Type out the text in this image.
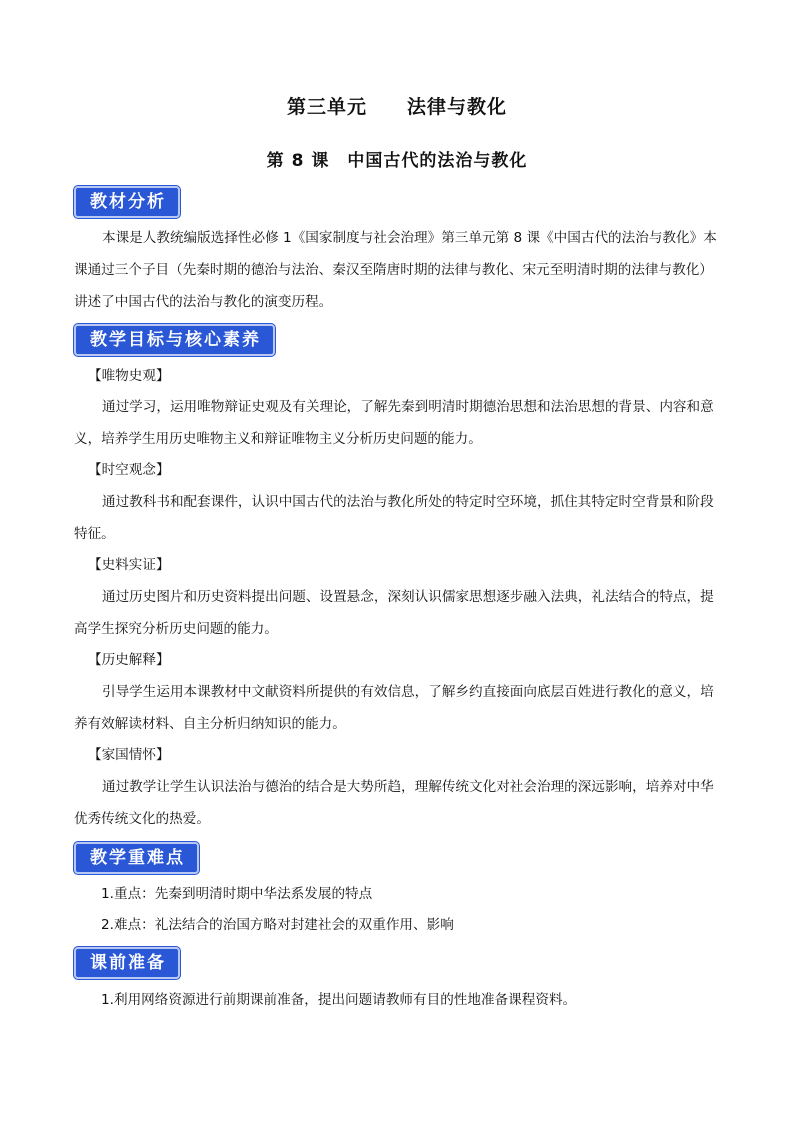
第三单元　　法律与教化
第 8 课　中国古代的法治与教化
教材分析
本课是人教统编版选择性必修 1《国家制度与社会治理》第三单元第 8 课《中国古代的法治与教化》本课通过三个子目（先秦时期的德治与法治、秦汉至隋唐时期的法律与教化、宋元至明清时期的法律与教化）讲述了中国古代的法治与教化的演变历程。
教学目标与核心素养
【唯物史观】
通过学习，运用唯物辩证史观及有关理论，了解先秦到明清时期德治思想和法治思想的背景、内容和意义，培养学生用历史唯物主义和辩证唯物主义分析历史问题的能力。
【时空观念】
通过教科书和配套课件，认识中国古代的法治与教化所处的特定时空环境，抓住其特定时空背景和阶段特征。
【史料实证】
通过历史图片和历史资料提出问题、设置悬念，深刻认识儒家思想逐步融入法典，礼法结合的特点，提高学生探究分析历史问题的能力。
【历史解释】
引导学生运用本课教材中文献资料所提供的有效信息，了解乡约直接面向底层百姓进行教化的意义，培养有效解读材料、自主分析归纳知识的能力。
【家国情怀】
通过教学让学生认识法治与德治的结合是大势所趋，理解传统文化对社会治理的深远影响，培养对中华优秀传统文化的热爱。
教学重难点
1.重点：先秦到明清时期中华法系发展的特点
2.难点：礼法结合的治国方略对封建社会的双重作用、影响
课前准备
1.利用网络资源进行前期课前准备，提出问题请教师有目的性地准备课程资料。
